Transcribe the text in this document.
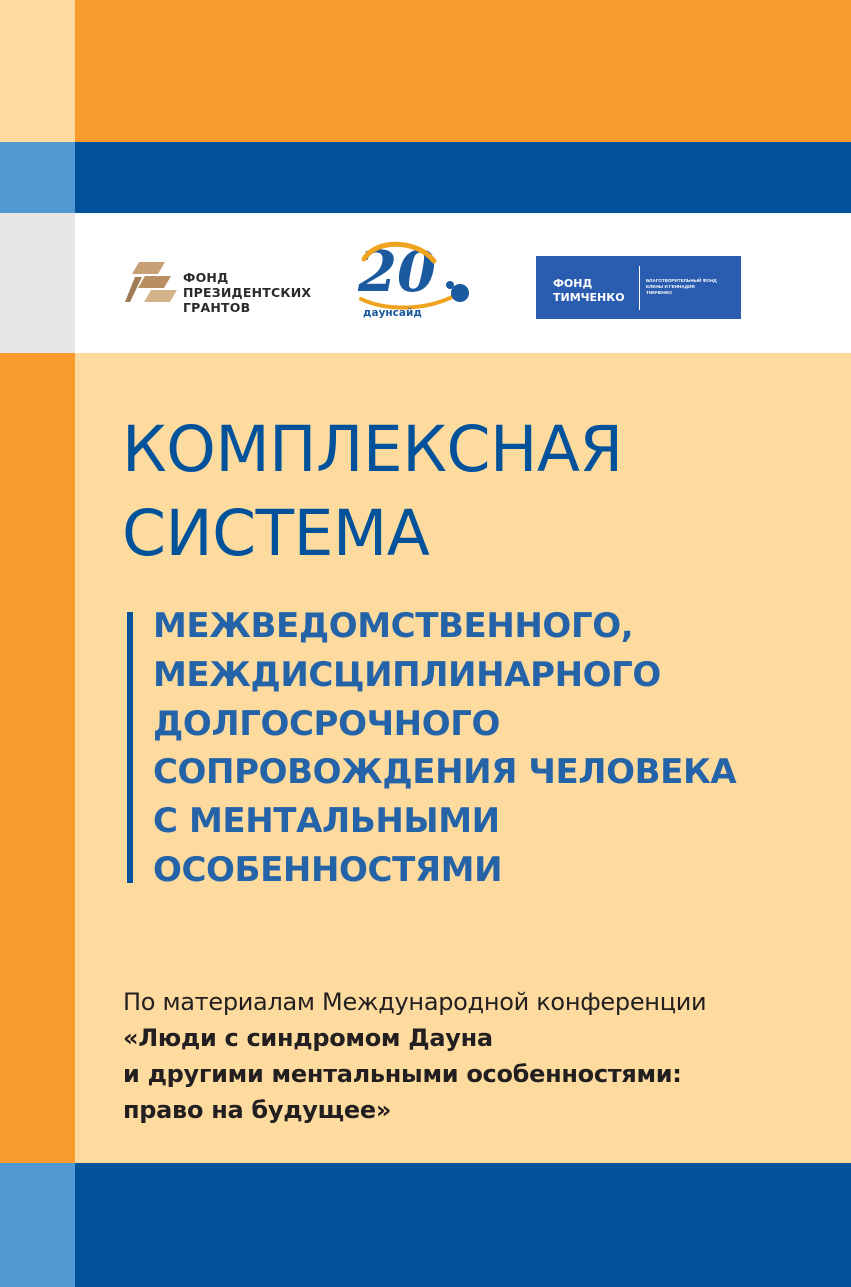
ФОНД
ПРЕЗИДЕНТСКИХ
ГРАНТОВ
20
ап
даунсайд
ФОНД
ТИМЧЕНКО
БЛАГОТВОРИТЕЛЬНЫЙ ФОНД
ЕЛЕНЫ И ГЕННАДИЯ
ТИМЧЕНКО
КОМПЛЕКСНАЯ
СИСТЕМА
МЕЖВЕДОМСТВЕННОГО,
МЕЖДИСЦИПЛИНАРНОГО
ДОЛГОСРОЧНОГО
СОПРОВОЖДЕНИЯ ЧЕЛОВЕКА
С МЕНТАЛЬНЫМИ
ОСОБЕННОСТЯМИ
По материалам Международной конференции
«Люди с синдромом Дауна
и другими ментальными особенностями:
право на будущее»
